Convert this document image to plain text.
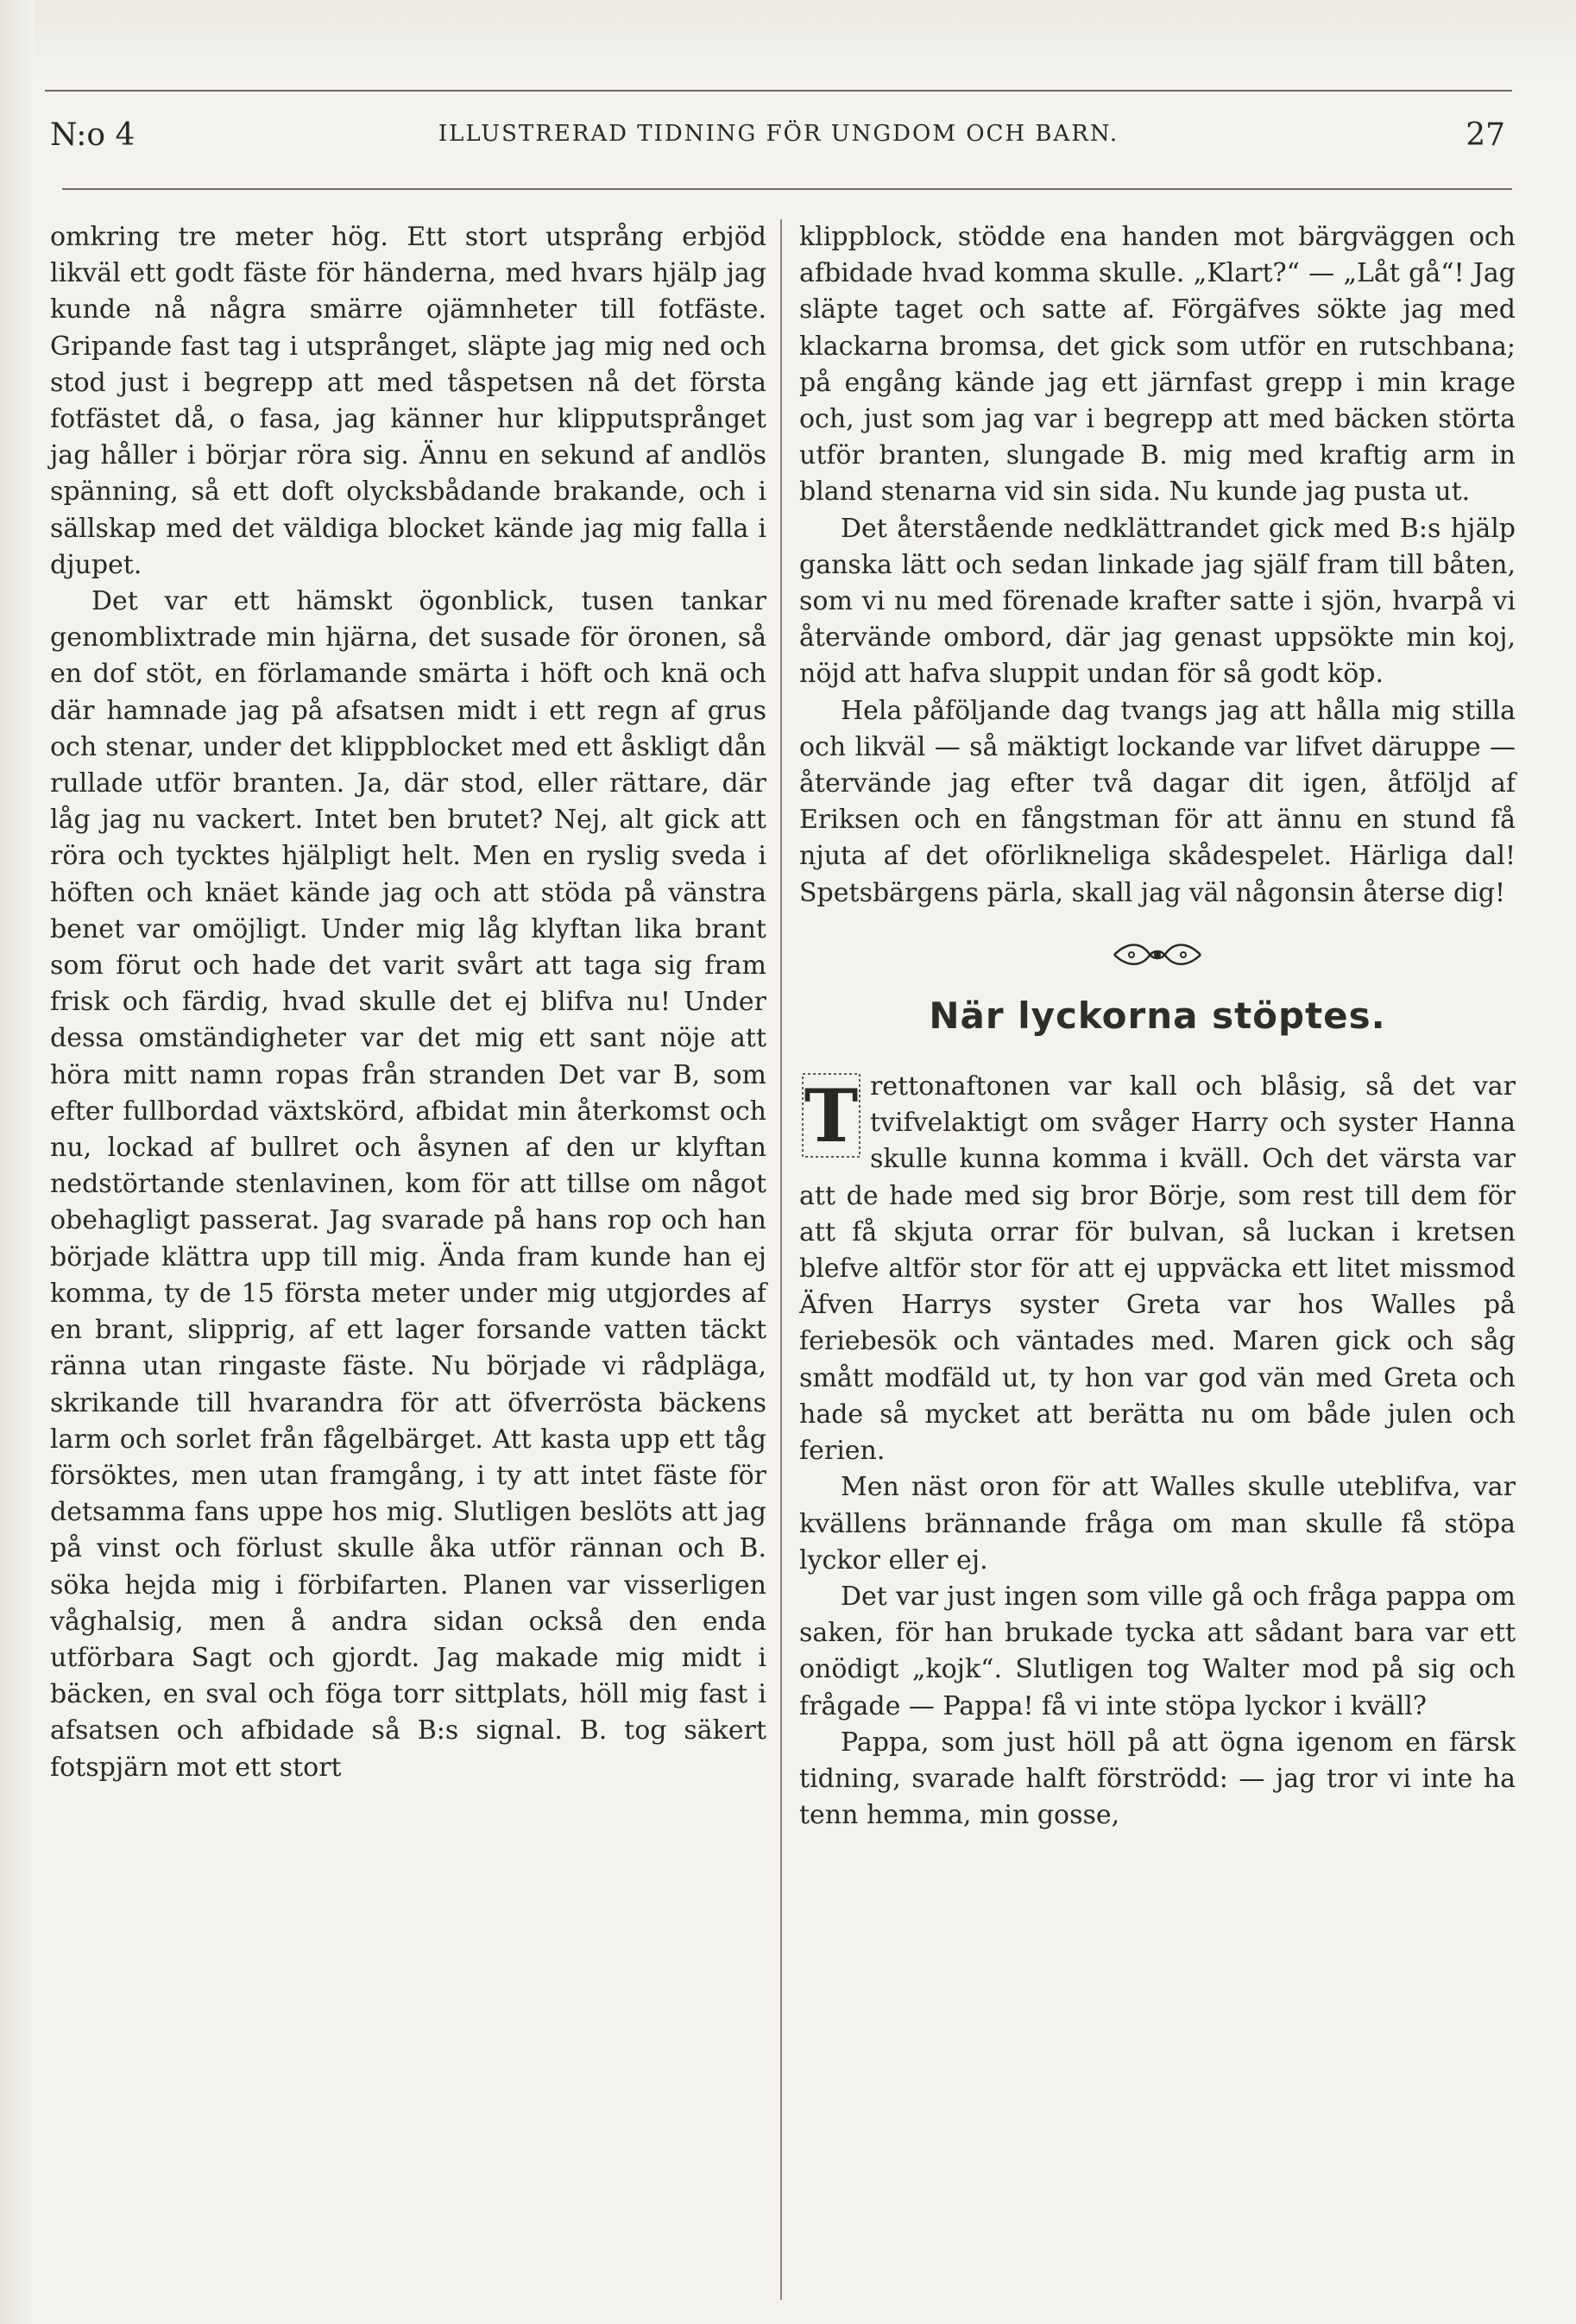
N:o 4	ILLUSTRERAD TIDNING FÖR UNGDOM OCH BARN.	27

omkring tre meter hög. Ett stort utsprång erbjöd likväl ett godt fäste för händerna, med hvars hjälp jag kunde nå några smärre ojämnheter till fotfäste. Gripande fast tag i utsprånget, släpte jag mig ned och stod just i begrepp att med tåspetsen nå det första fotfästet då, o fasa, jag känner hur klipputsprånget jag håller i börjar röra sig. Ännu en sekund af andlös spänning, så ett doft olycksbådande brakande, och i sällskap med det väldiga blocket kände jag mig falla i djupet.

Det var ett hämskt ögonblick, tusen tankar genomblixtrade min hjärna, det susade för öronen, så en dof stöt, en förlamande smärta i höft och knä och där hamnade jag på afsatsen midt i ett regn af grus och stenar, under det klippblocket med ett åskligt dån rullade utför branten. Ja, där stod, eller rättare, där låg jag nu vackert. Intet ben brutet? Nej, alt gick att röra och tycktes hjälpligt helt. Men en ryslig sveda i höften och knäet kände jag och att stöda på vänstra benet var omöjligt. Under mig låg klyftan lika brant som förut och hade det varit svårt att taga sig fram frisk och färdig, hvad skulle det ej blifva nu! Under dessa omständigheter var det mig ett sant nöje att höra mitt namn ropas från stranden Det var B, som efter fullbordad växtskörd, afbidat min återkomst och nu, lockad af bullret och åsynen af den ur klyftan nedstörtande stenlavinen, kom för att tillse om något obehagligt passerat. Jag svarade på hans rop och han började klättra upp till mig. Ända fram kunde han ej komma, ty de 15 första meter under mig utgjordes af en brant, slipprig, af ett lager forsande vatten täckt ränna utan ringaste fäste. Nu började vi rådpläga, skrikande till hvarandra för att öfverrösta bäckens larm och sorlet från fågelbärget. Att kasta upp ett tåg försöktes, men utan framgång, i ty att intet fäste för detsamma fans uppe hos mig. Slutligen beslöts att jag på vinst och förlust skulle åka utför rännan och B. söka hejda mig i förbifarten. Planen var visserligen våghalsig, men å andra sidan också den enda utförbara Sagt och gjordt. Jag makade mig midt i bäcken, en sval och föga torr sittplats, höll mig fast i afsatsen och afbidade så B:s signal. B. tog säkert fotspjärn mot ett stort

klippblock, stödde ena handen mot bärgväggen och afbidade hvad komma skulle. „Klart?“ — „Låt gå“! Jag släpte taget och satte af. Förgäfves sökte jag med klackarna bromsa, det gick som utför en rutschbana; på engång kände jag ett järnfast grepp i min krage och, just som jag var i begrepp att med bäcken störta utför branten, slungade B. mig med kraftig arm in bland stenarna vid sin sida. Nu kunde jag pusta ut.

Det återstående nedklättrandet gick med B:s hjälp ganska lätt och sedan linkade jag själf fram till båten, som vi nu med förenade krafter satte i sjön, hvarpå vi återvände ombord, där jag genast uppsökte min koj, nöjd att hafva sluppit undan för så godt köp.

Hela påföljande dag tvangs jag att hålla mig stilla och likväl — så mäktigt lockande var lifvet däruppe — återvände jag efter två dagar dit igen, åtföljd af Eriksen och en fångstman för att ännu en stund få njuta af det oförlikneliga skådespelet. Härliga dal! Spetsbärgens pärla, skall jag väl någonsin återse dig!

När lyckorna stöptes.

T rettonaftonen var kall och blåsig, så det var tvifvelaktigt om svåger Harry och syster Hanna skulle kunna komma i kväll. Och det värsta var att de hade med sig bror Börje, som rest till dem för att få skjuta orrar för bulvan, så luckan i kretsen blefve altför stor för att ej uppväcka ett litet missmod Äfven Harrys syster Greta var hos Walles på feriebesök och väntades med. Maren gick och såg smått modfäld ut, ty hon var god vän med Greta och hade så mycket att berätta nu om både julen och ferien.

Men näst oron för att Walles skulle uteblifva, var kvällens brännande fråga om man skulle få stöpa lyckor eller ej.

Det var just ingen som ville gå och fråga pappa om saken, för han brukade tycka att sådant bara var ett onödigt „kojk“. Slutligen tog Walter mod på sig och frågade — Pappa! få vi inte stöpa lyckor i kväll?

Pappa, som just höll på att ögna igenom en färsk tidning, svarade halft förströdd: — jag tror vi inte ha tenn hemma, min gosse,
